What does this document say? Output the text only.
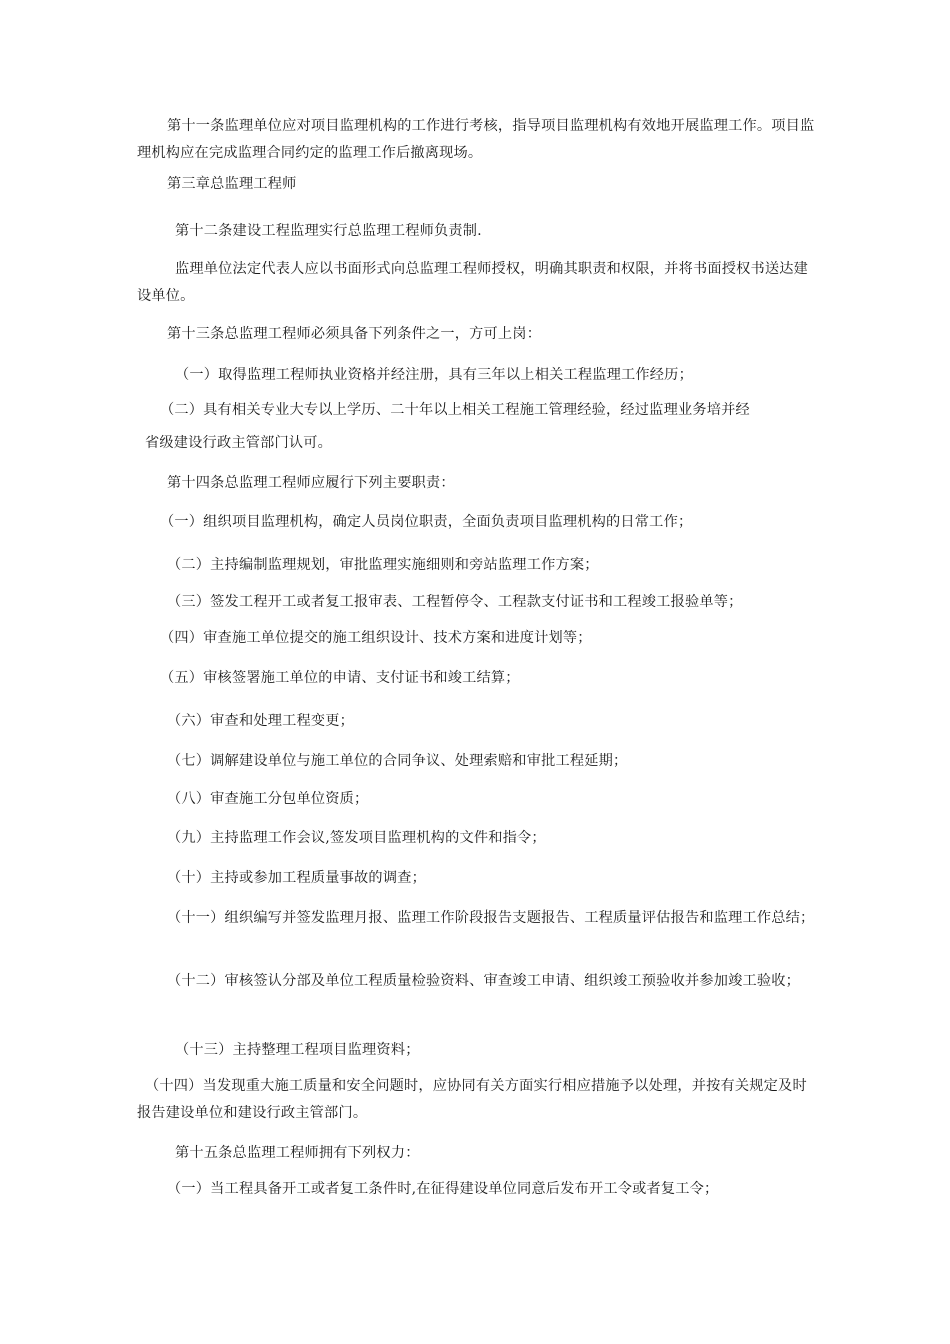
第十一条监理单位应对项目监理机构的工作进行考核，指导项目监理机构有效地开展监理工作。项目监理机构应在完成监理合同约定的监理工作后撤离现场。

第三章总监理工程师

第十二条建设工程监理实行总监理工程师负责制.

监理单位法定代表人应以书面形式向总监理工程师授权，明确其职责和权限，并将书面授权书送达建设单位。

第十三条总监理工程师必须具备下列条件之一，方可上岗：

（一）取得监理工程师执业资格并经注册，具有三年以上相关工程监理工作经历；

（二）具有相关专业大专以上学历、二十年以上相关工程施工管理经验，经过监理业务培并经

省级建设行政主管部门认可。

第十四条总监理工程师应履行下列主要职责：

（一）组织项目监理机构，确定人员岗位职责，全面负责项目监理机构的日常工作；

（二）主持编制监理规划，审批监理实施细则和旁站监理工作方案；

（三）签发工程开工或者复工报审表、工程暂停令、工程款支付证书和工程竣工报验单等；

（四）审查施工单位提交的施工组织设计、技术方案和进度计划等；

（五）审核签署施工单位的申请、支付证书和竣工结算；

（六）审查和处理工程变更；

（七）调解建设单位与施工单位的合同争议、处理索赔和审批工程延期；

（八）审查施工分包单位资质；

（九）主持监理工作会议,签发项目监理机构的文件和指令；

（十）主持或参加工程质量事故的调查；

（十一）组织编写并签发监理月报、监理工作阶段报告支题报告、工程质量评估报告和监理工作总结；

（十二）审核签认分部及单位工程质量检验资料、审查竣工申请、组织竣工预验收并参加竣工验收；

（十三）主持整理工程项目监理资料；

（十四）当发现重大施工质量和安全问题时，应协同有关方面实行相应措施予以处理，并按有关规定及时报告建设单位和建设行政主管部门。

第十五条总监理工程师拥有下列权力：

（一）当工程具备开工或者复工条件时,在征得建设单位同意后发布开工令或者复工令；
